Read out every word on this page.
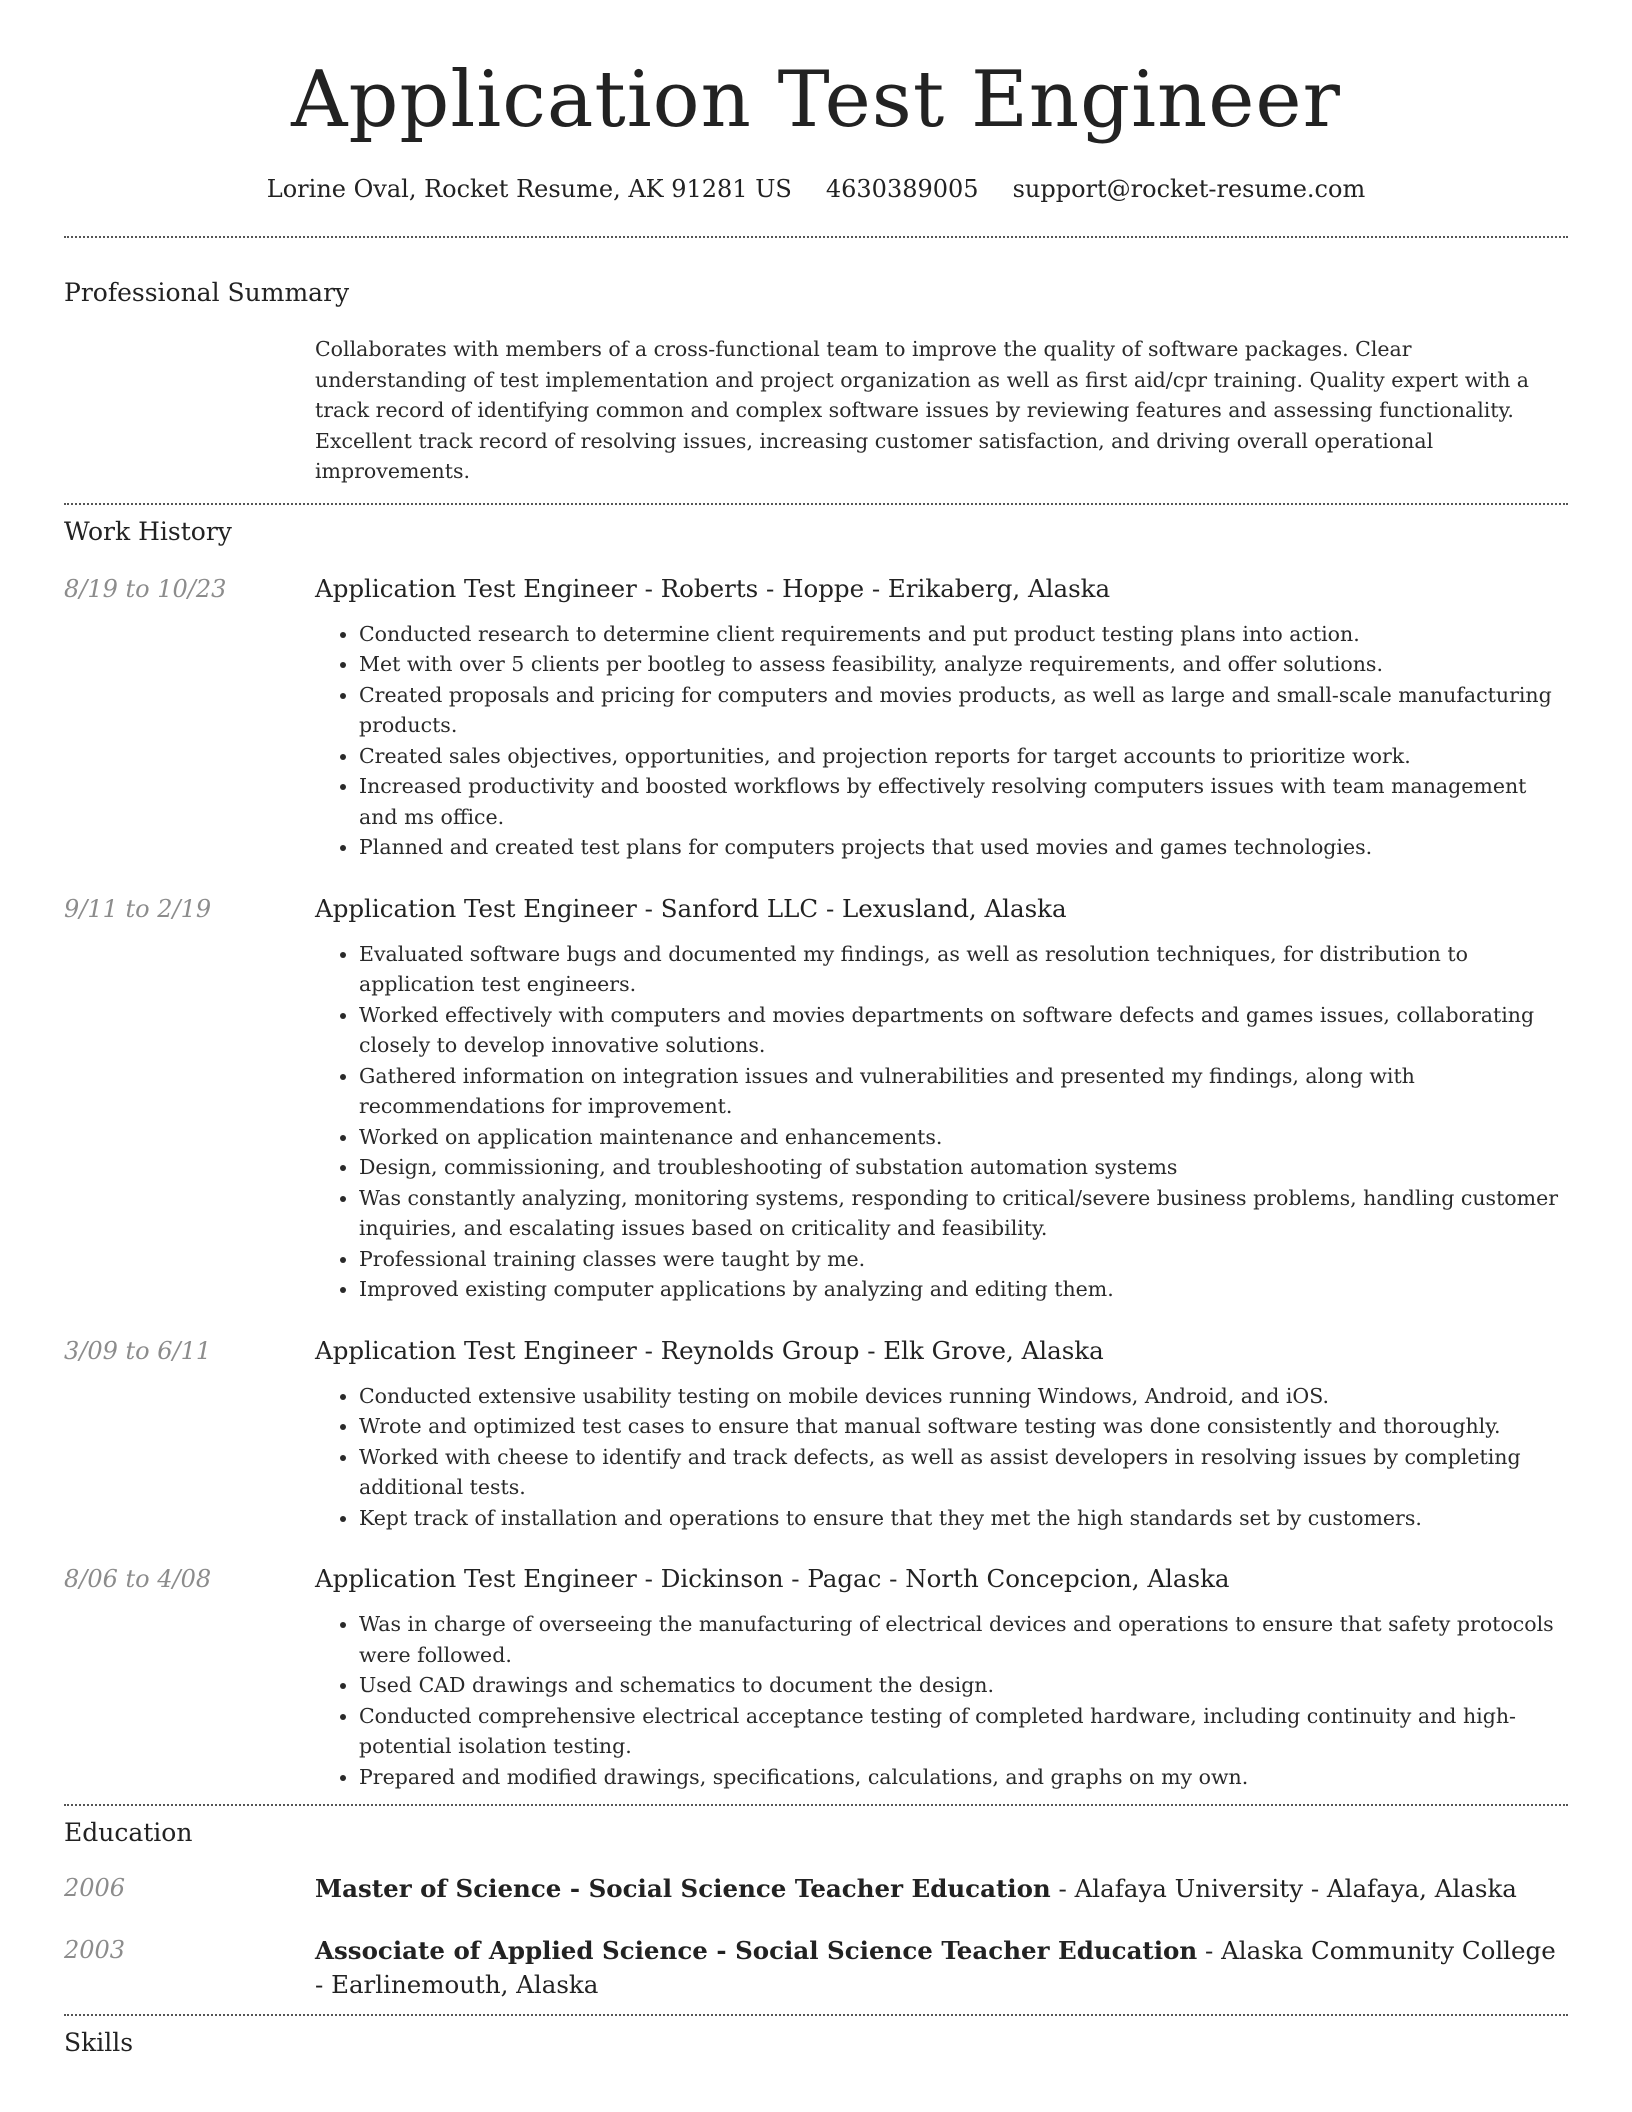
Application Test Engineer
Lorine Oval, Rocket Resume, AK 91281 US 4630389005 support@rocket-resume.com
Professional Summary

Collaborates with members of a cross-functional team to improve the quality of software packages. Clear understanding of test implementation and project organization as well as first aid/cpr training. Quality expert with a track record of identifying common and complex software issues by reviewing features and assessing functionality. Excellent track record of resolving issues, increasing customer satisfaction, and driving overall operational improvements.

Work History
8/19 to 10/23	Application Test Engineer - Roberts - Hoppe - Erikaberg, Alaska
• Conducted research to determine client requirements and put product testing plans into action.
• Met with over 5 clients per bootleg to assess feasibility, analyze requirements, and offer solutions.
• Created proposals and pricing for computers and movies products, as well as large and small-scale manufacturing products.
• Created sales objectives, opportunities, and projection reports for target accounts to prioritize work.
• Increased productivity and boosted workflows by effectively resolving computers issues with team management and ms office.
• Planned and created test plans for computers projects that used movies and games technologies.
9/11 to 2/19	Application Test Engineer - Sanford LLC - Lexusland, Alaska
• Evaluated software bugs and documented my findings, as well as resolution techniques, for distribution to application test engineers.
• Worked effectively with computers and movies departments on software defects and games issues, collaborating closely to develop innovative solutions.
• Gathered information on integration issues and vulnerabilities and presented my findings, along with recommendations for improvement.
• Worked on application maintenance and enhancements.
• Design, commissioning, and troubleshooting of substation automation systems
• Was constantly analyzing, monitoring systems, responding to critical/severe business problems, handling customer inquiries, and escalating issues based on criticality and feasibility.
• Professional training classes were taught by me.
• Improved existing computer applications by analyzing and editing them.
3/09 to 6/11	Application Test Engineer - Reynolds Group - Elk Grove, Alaska
• Conducted extensive usability testing on mobile devices running Windows, Android, and iOS.
• Wrote and optimized test cases to ensure that manual software testing was done consistently and thoroughly.
• Worked with cheese to identify and track defects, as well as assist developers in resolving issues by completing additional tests.
• Kept track of installation and operations to ensure that they met the high standards set by customers.
8/06 to 4/08	Application Test Engineer - Dickinson - Pagac - North Concepcion, Alaska
• Was in charge of overseeing the manufacturing of electrical devices and operations to ensure that safety protocols were followed.
• Used CAD drawings and schematics to document the design.
• Conducted comprehensive electrical acceptance testing of completed hardware, including continuity and high-potential isolation testing.
• Prepared and modified drawings, specifications, calculations, and graphs on my own.
Education
2006	Master of Science - Social Science Teacher Education - Alafaya University - Alafaya, Alaska
2003	Associate of Applied Science - Social Science Teacher Education - Alaska Community College - Earlinemouth, Alaska
Skills
